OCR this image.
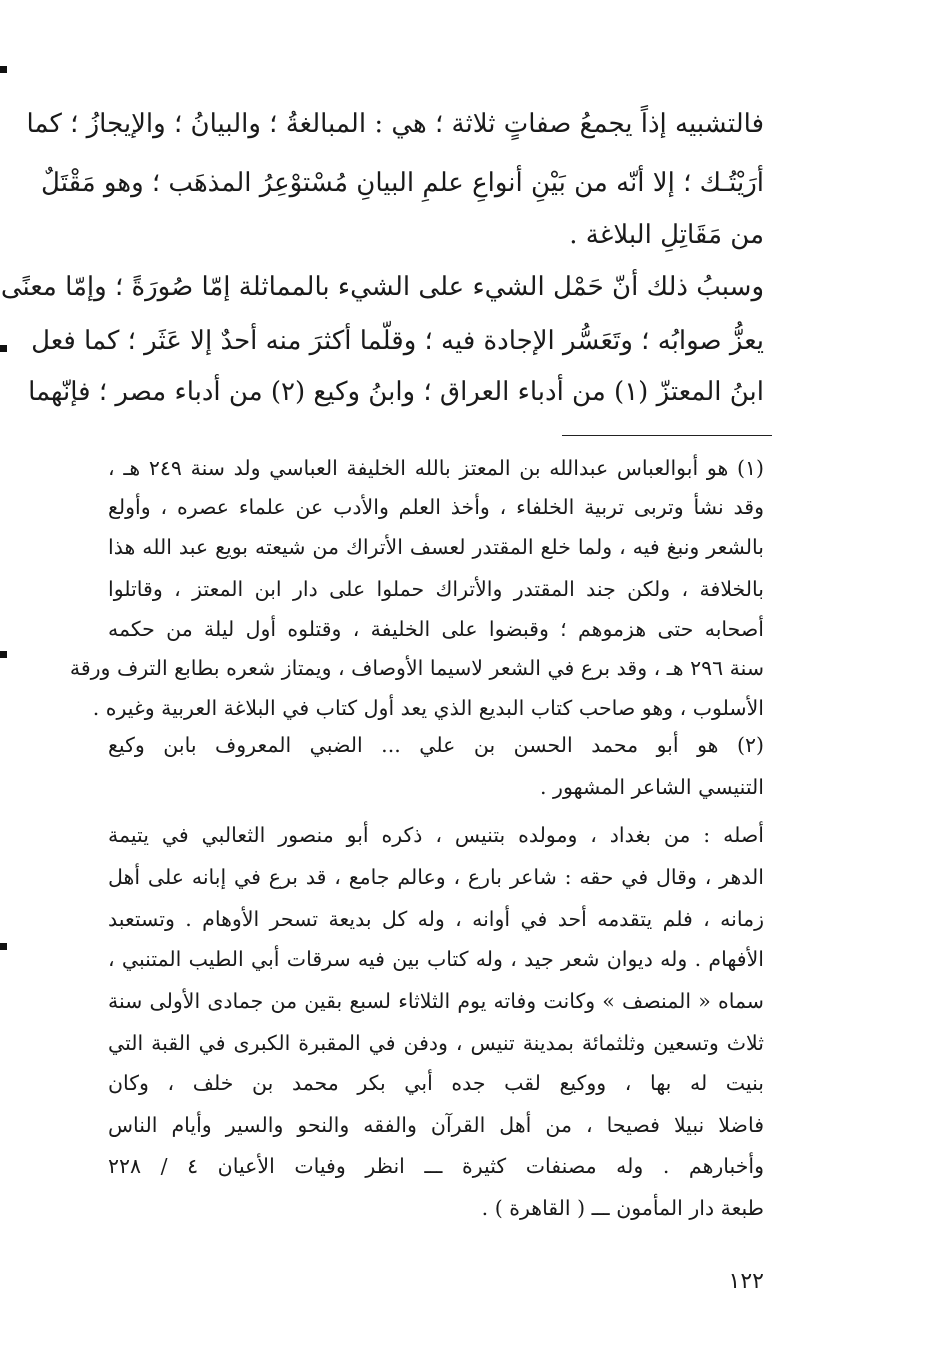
فالتشبيه إذاً يجمعُ صفاتٍ ثلاثة ؛ هي : المبالغةُ ؛ والبيانُ ؛ والإيجازُ ؛ كما
أرَيْتُـك ؛ إلا أنّه من بَيْنِ أنواعِ علمِ البيانِ مُسْتوْعِرُ المذهَب ؛ وهو مَقْتَلٌ
من مَقَاتِلِ البلاغة .
وسببُ ذلك أنّ حَمْل الشيء على الشيء بالمماثلة إمّا صُورَةً ؛ وإمّا معنًى
يعزُّ صوابُه ؛ وتَعَسُّر الإجادة فيه ؛ وقلّما أكثرَ منه أحدٌ إلا عَثَر ؛ كما فعل
ابنُ المعتزّ (١) من أدباء العراق ؛ وابنُ وكيع (٢) من أدباء مصر ؛ فإنّهما
(١) هو أبوالعباس عبدالله بن المعتز بالله الخليفة العباسي ولد سنة ٢٤٩ هـ ،
وقد نشأ وتربى تربية الخلفاء ، وأخذ العلم والأدب عن علماء عصره ، وأولع
بالشعر ونبغ فيه ، ولما خلع المقتدر لعسف الأتراك من شيعته بويع عبد الله هذا
بالخلافة ، ولكن جند المقتدر والأتراك حملوا على دار ابن المعتز ، وقاتلوا
أصحابه حتى هزموهم ؛ وقبضوا على الخليفة ، وقتلوه أول ليلة من حكمه
سنة ٢٩٦ هـ ، وقد برع في الشعر لاسيما الأوصاف ، ويمتاز شعره بطابع الترف ورقة
الأسلوب ، وهو صاحب كتاب البديع الذي يعد أول كتاب في البلاغة العربية وغيره .
(٢) هو أبو محمد الحسن بن علي ... الضبي المعروف بابن وكيع
التنيسي الشاعر المشهور .
أصله : من بغداد ، ومولده بتنيس ، ذكره أبو منصور الثعالبي في يتيمة
الدهر ، وقال في حقه : شاعر بارع ، وعالم جامع ، قد برع في إبانه على أهل
زمانه ، فلم يتقدمه أحد في أوانه ، وله كل بديعة تسحر الأوهام . وتستعبد
الأفهام . وله ديوان شعر جيد ، وله كتاب بين فيه سرقات أبي الطيب المتنبي ،
سماه « المنصف » وكانت وفاته يوم الثلاثاء لسبع بقين من جمادى الأولى سنة
ثلاث وتسعين وثلثمائة بمدينة تنيس ، ودفن في المقبرة الكبرى في القبة التي
بنيت له بها ، ووكيع لقب جده أبي بكر محمد بن خلف ، وكان
فاضلا نبيلا فصيحا ، من أهل القرآن والفقه والنحو والسير وأيام الناس
وأخبارهم . وله مصنفات كثيرة ـــ انظر وفيات الأعيان ٤ / ٢٢٨
طبعة دار المأمون ـــ ( القاهرة ) .
١٢٢
